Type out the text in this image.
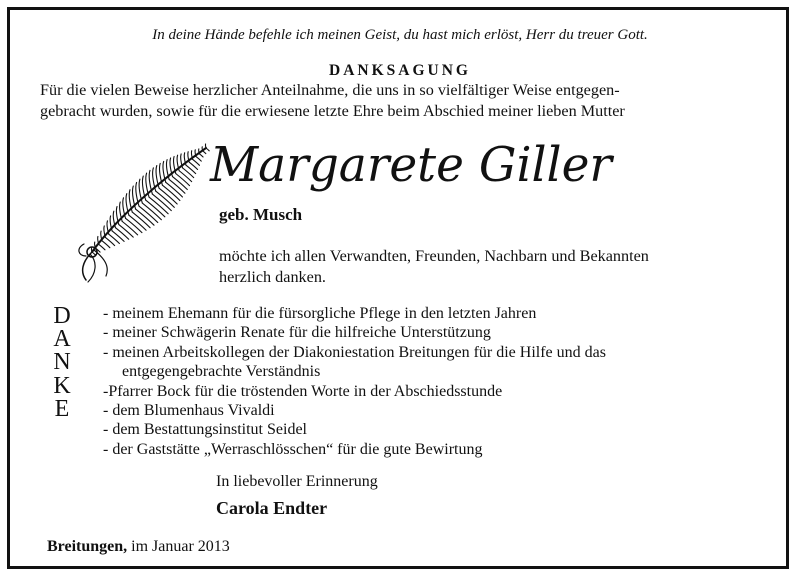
In deine Hände befehle ich meinen Geist, du hast mich erlöst, Herr du treuer Gott.
DANKSAGUNG
Für die vielen Beweise herzlicher Anteilnahme, die uns in so vielfältiger Weise entgegen-
gebracht wurden, sowie für die erwiesene letzte Ehre beim Abschied meiner lieben Mutter
Margarete Giller
geb. Musch
möchte ich allen Verwandten, Freunden, Nachbarn und Bekannten
herzlich danken.
D
A
N
K
E
- meinem Ehemann für die fürsorgliche Pflege in den letzten Jahren
- meiner Schwägerin Renate für die hilfreiche Unterstützung
- meinen Arbeitskollegen der Diakoniestation Breitungen für die Hilfe und das
entgegengebrachte Verständnis
-Pfarrer Bock für die tröstenden Worte in der Abschiedsstunde
- dem Blumenhaus Vivaldi
- dem Bestattungsinstitut Seidel
- der Gaststätte „Werraschlösschen“ für die gute Bewirtung
In liebevoller Erinnerung
Carola Endter
Breitungen, im Januar 2013
